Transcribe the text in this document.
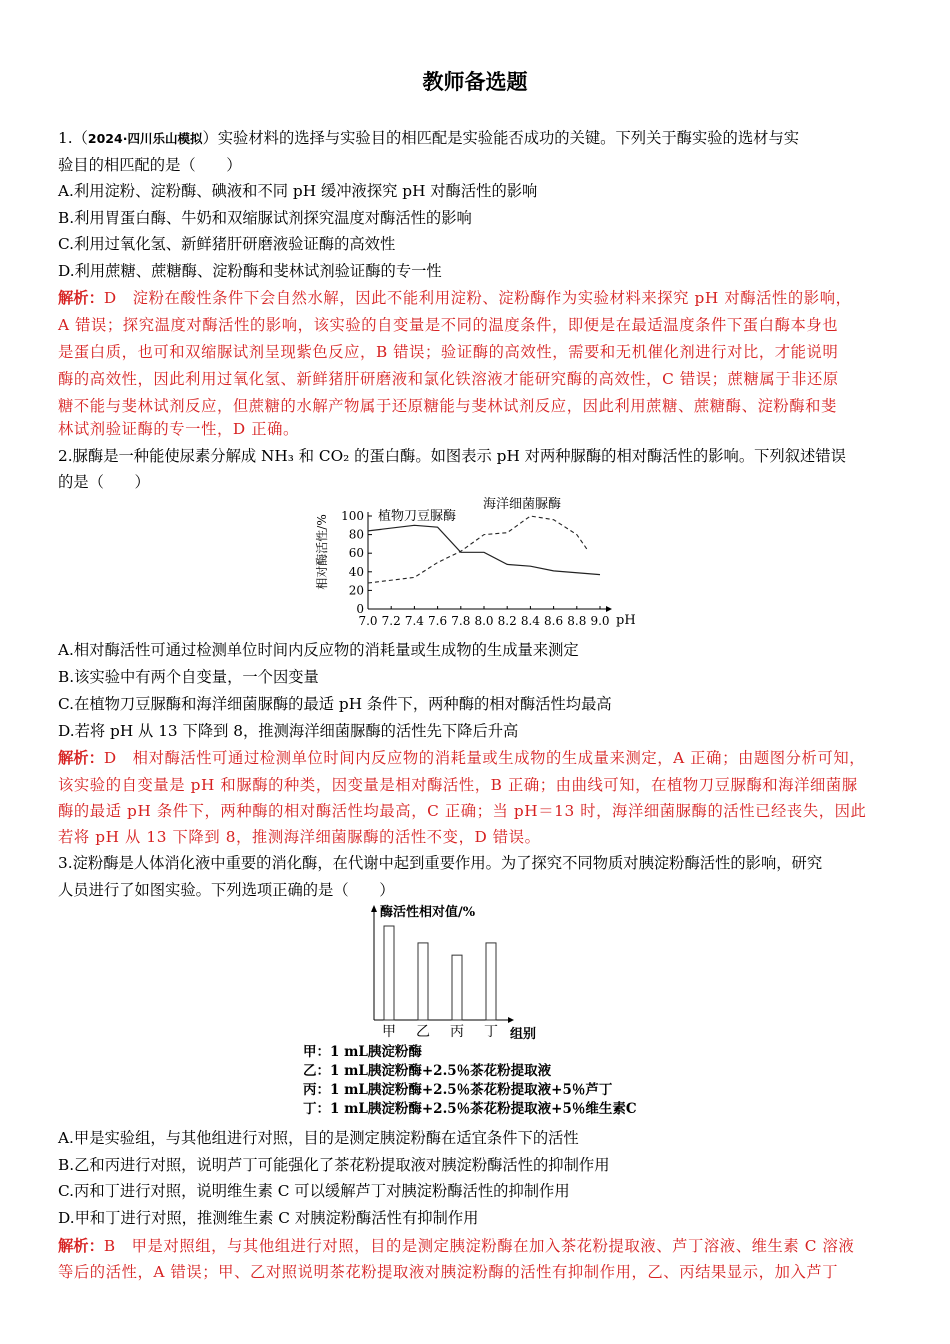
教师备选题
1.（2024·四川乐山模拟）实验材料的选择与实验目的相匹配是实验能否成功的关键。下列关于酶实验的选材与实
验目的相匹配的是（　　）
A.利用淀粉、淀粉酶、碘液和不同 pH 缓冲液探究 pH 对酶活性的影响
B.利用胃蛋白酶、牛奶和双缩脲试剂探究温度对酶活性的影响
C.利用过氧化氢、新鲜猪肝研磨液验证酶的高效性
D.利用蔗糖、蔗糖酶、淀粉酶和斐林试剂验证酶的专一性
解析：D　淀粉在酸性条件下会自然水解，因此不能利用淀粉、淀粉酶作为实验材料来探究 pH 对酶活性的影响，
A 错误；探究温度对酶活性的影响，该实验的自变量是不同的温度条件，即便是在最适温度条件下蛋白酶本身也
是蛋白质，也可和双缩脲试剂呈现紫色反应，B 错误；验证酶的高效性，需要和无机催化剂进行对比，才能说明
酶的高效性，因此利用过氧化氢、新鲜猪肝研磨液和氯化铁溶液才能研究酶的高效性，C 错误；蔗糖属于非还原
糖不能与斐林试剂反应，但蔗糖的水解产物属于还原糖能与斐林试剂反应，因此利用蔗糖、蔗糖酶、淀粉酶和斐
林试剂验证酶的专一性，D 正确。
2.脲酶是一种能使尿素分解成 NH₃ 和 CO₂ 的蛋白酶。如图表示 pH 对两种脲酶的相对酶活性的影响。下列叙述错误
的是（　　）
相对酶活性/%
pH
0
20
40
60
80
100
7.0 7.2 7.4 7.6 7.8 8.0 8.2 8.4 8.6 8.8 9.0
植物刀豆脲酶
海洋细菌脲酶
A.相对酶活性可通过检测单位时间内反应物的消耗量或生成物的生成量来测定
B.该实验中有两个自变量，一个因变量
C.在植物刀豆脲酶和海洋细菌脲酶的最适 pH 条件下，两种酶的相对酶活性均最高
D.若将 pH 从 13 下降到 8，推测海洋细菌脲酶的活性先下降后升高
解析：D　相对酶活性可通过检测单位时间内反应物的消耗量或生成物的生成量来测定，A 正确；由题图分析可知，
该实验的自变量是 pH 和脲酶的种类，因变量是相对酶活性，B 正确；由曲线可知，在植物刀豆脲酶和海洋细菌脲
酶的最适 pH 条件下，两种酶的相对酶活性均最高，C 正确；当 pH＝13 时，海洋细菌脲酶的活性已经丧失，因此
若将 pH 从 13 下降到 8，推测海洋细菌脲酶的活性不变，D 错误。
3.淀粉酶是人体消化液中重要的消化酶，在代谢中起到重要作用。为了探究不同物质对胰淀粉酶活性的影响，研究
人员进行了如图实验。下列选项正确的是（　　）
酶活性相对值/%
组别
甲 乙 丙 丁
甲：1 mL胰淀粉酶
乙：1 mL胰淀粉酶+2.5％茶花粉提取液
丙：1 mL胰淀粉酶+2.5％茶花粉提取液+5％芦丁
丁：1 mL胰淀粉酶+2.5％茶花粉提取液+5％维生素C
A.甲是实验组，与其他组进行对照，目的是测定胰淀粉酶在适宜条件下的活性
B.乙和丙进行对照，说明芦丁可能强化了茶花粉提取液对胰淀粉酶活性的抑制作用
C.丙和丁进行对照，说明维生素 C 可以缓解芦丁对胰淀粉酶活性的抑制作用
D.甲和丁进行对照，推测维生素 C 对胰淀粉酶活性有抑制作用
解析：B　甲是对照组，与其他组进行对照，目的是测定胰淀粉酶在加入茶花粉提取液、芦丁溶液、维生素 C 溶液
等后的活性，A 错误；甲、乙对照说明茶花粉提取液对胰淀粉酶的活性有抑制作用，乙、丙结果显示，加入芦丁
